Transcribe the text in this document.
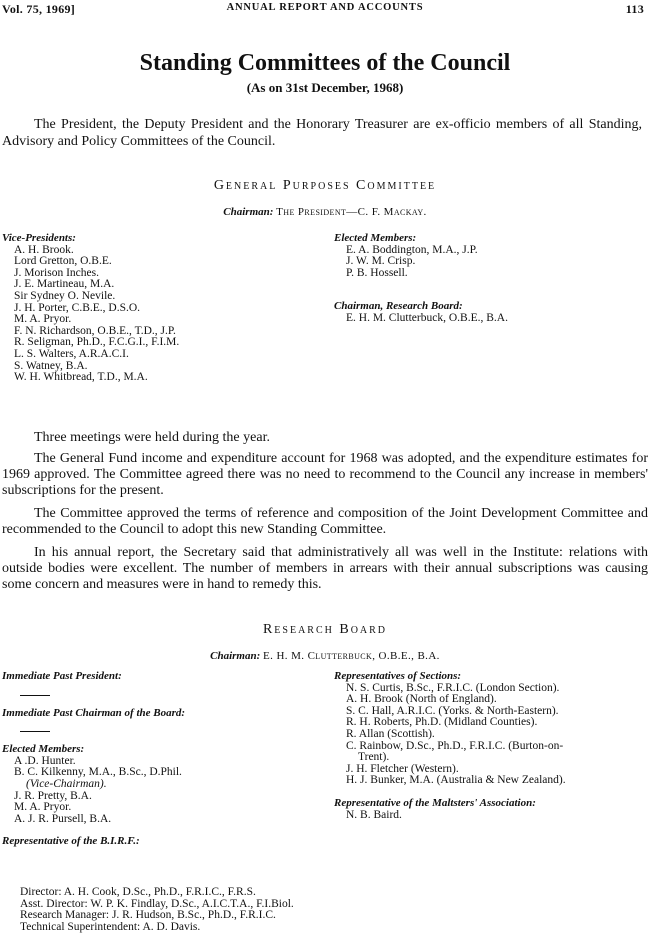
Vol. 75, 1969]	ANNUAL REPORT AND ACCOUNTS	113
Standing Committees of the Council
(As on 31st December, 1968)
The President, the Deputy President and the Honorary Treasurer are ex-officio members of all Standing, Advisory and Policy Committees of the Council.
General Purposes Committee
Chairman: The President—C. F. Mackay.
Vice-Presidents:
A. H. Brook.
Lord Gretton, O.B.E.
J. Morison Inches.
J. E. Martineau, M.A.
Sir Sydney O. Nevile.
J. H. Porter, C.B.E., D.S.O.
M. A. Pryor.
F. N. Richardson, O.B.E., T.D., J.P.
R. Seligman, Ph.D., F.C.G.I., F.I.M.
L. S. Walters, A.R.A.C.I.
S. Watney, B.A.
W. H. Whitbread, T.D., M.A.
Elected Members:
E. A. Boddington, M.A., J.P.
J. W. M. Crisp.
P. B. Hossell.
Chairman, Research Board:
E. H. M. Clutterbuck, O.B.E., B.A.
Three meetings were held during the year.
The General Fund income and expenditure account for 1968 was adopted, and the expenditure estimates for 1969 approved. The Committee agreed there was no need to recommend to the Council any increase in members' subscriptions for the present.
The Committee approved the terms of reference and composition of the Joint Development Committee and recommended to the Council to adopt this new Standing Committee.
In his annual report, the Secretary said that administratively all was well in the Institute: relations with outside bodies were excellent. The number of members in arrears with their annual subscriptions was causing some concern and measures were in hand to remedy this.
Research Board
Chairman: E. H. M. Clutterbuck, O.B.E., B.A.
Immediate Past President:
Immediate Past Chairman of the Board:
Elected Members:
A .D. Hunter.
B. C. Kilkenny, M.A., B.Sc., D.Phil.
(Vice-Chairman).
J. R. Pretty, B.A.
M. A. Pryor.
A. J. R. Pursell, B.A.
Representative of the B.I.R.F.:
Representatives of Sections:
N. S. Curtis, B.Sc., F.R.I.C. (London Section).
A. H. Brook (North of England).
S. C. Hall, A.R.I.C. (Yorks. & North-Eastern).
R. H. Roberts, Ph.D. (Midland Counties).
R. Allan (Scottish).
C. Rainbow, D.Sc., Ph.D., F.R.I.C. (Burton-on-
Trent).
J. H. Fletcher (Western).
H. J. Bunker, M.A. (Australia & New Zealand).
Representative of the Maltsters' Association:
N. B. Baird.
Director: A. H. Cook, D.Sc., Ph.D., F.R.I.C., F.R.S.
Asst. Director: W. P. K. Findlay, D.Sc., A.I.C.T.A., F.I.Biol.
Research Manager: J. R. Hudson, B.Sc., Ph.D., F.R.I.C.
Technical Superintendent: A. D. Davis.
